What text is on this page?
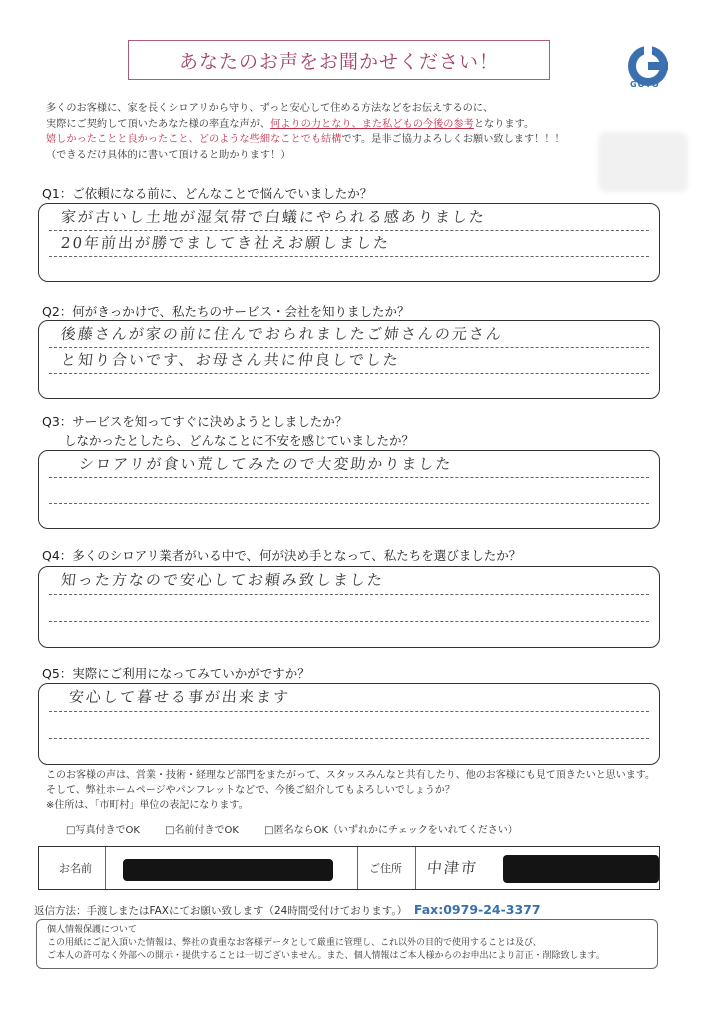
あなたのお声をお聞かせください！
GOTO
多くのお客様に、家を長くシロアリから守り、ずっと安心して住める方法などをお伝えするのに、
実際にご契約して頂いたあなた様の率直な声が、何よりの力となり、また私どもの今後の参考となります。
嬉しかったことと良かったこと、どのような些細なことでも結構です。是非ご協力よろしくお願い致します！！！
（できるだけ具体的に書いて頂けると助かります！）
Q1：ご依頼になる前に、どんなことで悩んでいましたか？
家が古いし土地が湿気帯で白蟻にやられる感ありました
20年前出が勝でましてき社えお願しました
Q2：何がきっかけで、私たちのサービス・会社を知りましたか？
後藤さんが家の前に住んでおられましたご姉さんの元さん
と知り合いです、お母さん共に仲良しでした
Q3：サービスを知ってすぐに決めようとしましたか？
しなかったとしたら、どんなことに不安を感じていましたか？
シロアリが食い荒してみたので大変助かりました
Q4：多くのシロアリ業者がいる中で、何が決め手となって、私たちを選びましたか？
知った方なので安心してお頼み致しました
Q5：実際にご利用になってみていかがですか？
安心して暮せる事が出来ます
このお客様の声は、営業・技術・経理など部門をまたがって、スタッスみんなと共有したり、他のお客様にも見て頂きたいと思います。
そして、弊社ホームページやパンフレットなどで、今後ご紹介してもよろしいでしょうか？
※住所は、「市町村」単位の表記になります。
□写真付きでOK	□名前付きでOK	□匿名ならOK（いずれかにチェックをいれてください）
お名前	ご住所 中津市
返信方法：手渡しまたはFAXにてお願い致します（24時間受付けております。） Fax:0979-24-3377
個人情報保護について
この用紙にご記入頂いた情報は、弊社の貴重なお客様データとして厳重に管理し、これ以外の目的で使用することは及び、
ご本人の許可なく外部への開示・提供することは一切ございません。また、個人情報はご本人様からのお申出により訂正・削除致します。
